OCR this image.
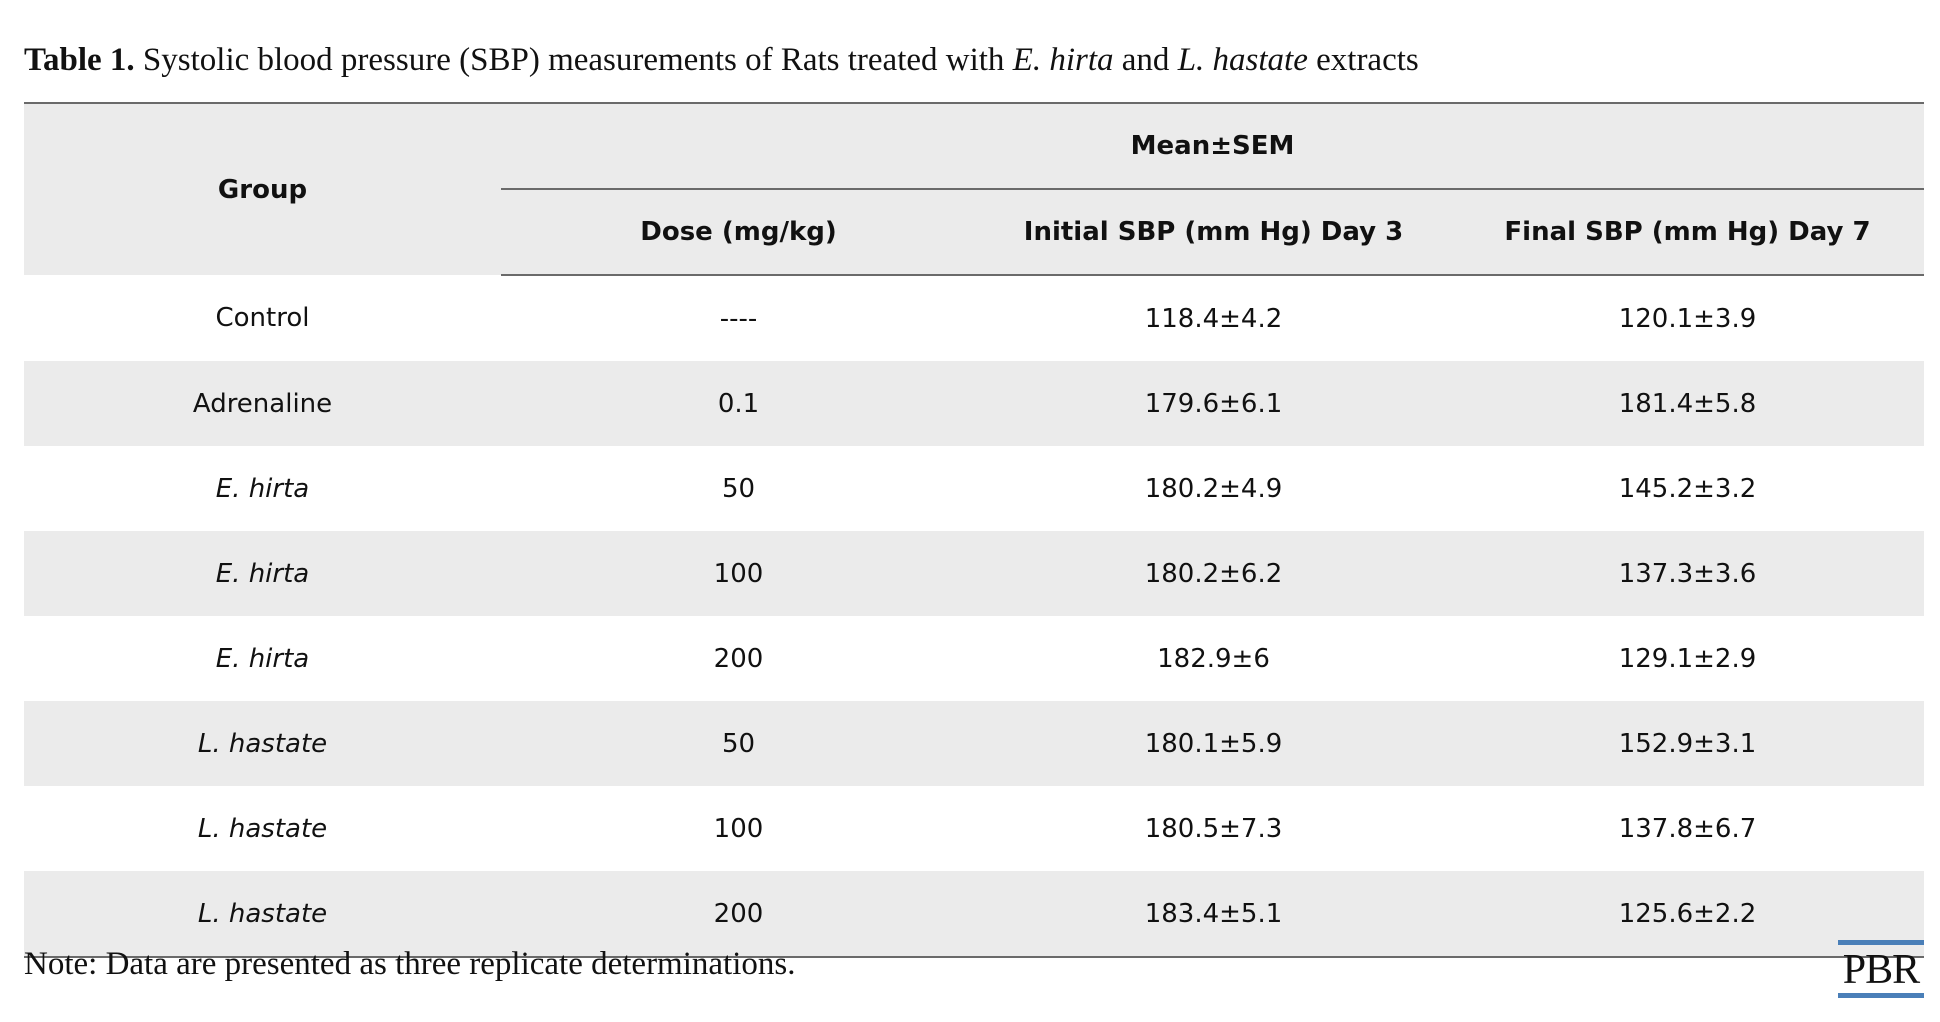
Table 1. Systolic blood pressure (SBP) measurements of Rats treated with E. hirta and L. hastate extracts
Group	Mean±SEM		
	Dose (mg/kg)	Initial SBP (mm Hg) Day 3	Final SBP (mm Hg) Day 7
Control	----	118.4±4.2	120.1±3.9
Adrenaline	0.1	179.6±6.1	181.4±5.8
E. hirta	50	180.2±4.9	145.2±3.2
E. hirta	100	180.2±6.2	137.3±3.6
E. hirta	200	182.9±6	129.1±2.9
L. hastate	50	180.1±5.9	152.9±3.1
L. hastate	100	180.5±7.3	137.8±6.7
L. hastate	200	183.4±5.1	125.6±2.2
Note: Data are presented as three replicate determinations.	PBR
